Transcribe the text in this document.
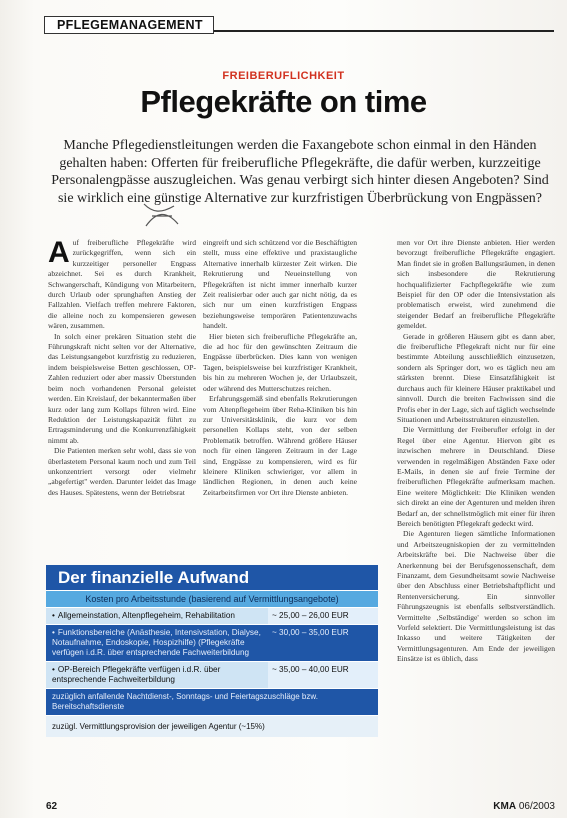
PFLEGEMANAGEMENT
FREIBERUFLICHKEIT
Pflegekräfte on time
Manche Pflegedienstleitungen werden die Faxangebote schon einmal in den Händen gehalten haben: Offerten für freiberufliche Pflegekräfte, die dafür werben, kurzzeitige Personalengpässe auszugleichen. Was genau verbirgt sich hinter diesen Angeboten? Sind sie wirklich eine günstige Alternative zur kurzfristigen Überbrückung von Engpässen?

Auf freiberufliche Pflegekräfte wird zurückgegriffen, wenn sich ein kurzzeitiger personeller Engpass abzeichnet. Sei es durch Krankheit, Schwangerschaft, Kündigung von Mitarbeitern, durch Urlaub oder sprunghaften Anstieg der Fallzahlen. Vielfach treffen mehrere Faktoren, die alleine noch zu kompensieren gewesen wären, zusammen.

In solch einer prekären Situation steht die Führungskraft nicht selten vor der Alternative, das Leistungsangebot kurzfristig zu reduzieren, indem beispielsweise Betten geschlossen, OP-Zahlen reduziert oder aber massiv Überstunden beim noch vorhandenen Personal geleistet werden. Ein Kreislauf, der bekanntermaßen über kurz oder lang zum Kollaps führen wird. Eine Reduktion der Leistungskapazität führt zu Ertragsminderung und die Konkurrenzfähigkeit nimmt ab.

Die Patienten merken sehr wohl, dass sie von überlastetem Personal kaum noch und zum Teil unkonzentriert versorgt oder vielmehr „abgefertigt" werden. Darunter leidet das Image des Hauses. Spätestens, wenn der Betriebsrat

eingreift und sich schützend vor die Beschäftigten stellt, muss eine effektive und praxistaugliche Alternative innerhalb kürzester Zeit wirken. Die Rekrutierung und Neueinstellung von Pflegekräften ist nicht immer innerhalb kurzer Zeit realisierbar oder auch gar nicht nötig, da es sich nur um einen kurzfristigen Engpass beziehungsweise temporären Patientenzuwachs handelt.

Hier bieten sich freiberufliche Pflegekräfte an, die ad hoc für den gewünschten Zeitraum die Engpässe überbrücken. Dies kann von wenigen Tagen, beispielsweise bei kurzfristiger Krankheit, bis hin zu mehreren Wochen je, der Urlaubszeit, oder während des Mutterschutzes reichen.

Erfahrungsgemäß sind ebenfalls Rekrutierungen vom Altenpflegeheim über Reha-Kliniken bis hin zur Universitätsklinik, die kurz vor dem personellen Kollaps steht, von der selben Problematik betroffen. Während größere Häuser noch für einen längeren Zeitraum in der Lage sind, Engpässe zu kompensieren, wird es für kleinere Kliniken schwieriger, vor allem in ländlichen Regionen, in denen auch keine Zeitarbeitsfirmen vor Ort ihre Dienste anbieten.

men vor Ort ihre Dienste anbieten. Hier werden bevorzugt freiberufliche Pflegekräfte engagiert. Man findet sie in großen Ballungsräumen, in denen sich insbesondere die Rekrutierung hochqualifizierter Fachpflegekräfte wie zum Beispiel für den OP oder die Intensivstation als problematisch erweist, wird zunehmend die steigender Bedarf an freiberufliche Pflegekräfte gemeldet.

Gerade in größeren Häusern gibt es dann aber, die freiberufliche Pflegekraft nicht nur für eine bestimmte Abteilung ausschließlich einzusetzen, sondern als Springer dort, wo es täglich neu am stärksten brennt. Diese Einsatzfähigkeit ist durchaus auch für kleinere Häuser praktikabel und sinnvoll. Durch die breiten Fachwissen sind die Profis eher in der Lage, sich auf täglich wechselnde Situationen und Arbeitsstrukturen einzustellen.

Die Vermittlung der Freiberufler erfolgt in der Regel über eine Agentur. Hiervon gibt es inzwischen mehrere in Deutschland. Diese verwenden in regelmäßigen Abständen Faxe oder E-Mails, in denen sie auf freie Termine der freiberuflichen Pflegekräfte aufmerksam machen. Eine weitere Möglichkeit: Die Kliniken wenden sich direkt an eine der Agenturen und melden ihren Bedarf an, der schnellstmöglich mit einer für ihren Bereich benötigten Pflegekraft gedeckt wird.

Die Agenturen liegen sämtliche Informationen und Arbeitszeugniskopien der zu vermittelnden Arbeitskräfte bei. Die Nachweise über die Anerkennung bei der Berufsgenossenschaft, dem Finanzamt, dem Gesundheitsamt sowie Nachweise über den Abschluss einer Betriebshaftpflicht und Rentenversicherung. Ein sinnvoller Führungszeugnis ist ebenfalls selbstverständlich. Vermittelte ‚Selbständige' werden so schon im Vorfeld selektiert. Die Vermittlungsleistung ist das Inkasso und weitere Tätigkeiten der Vermittlungsagenturen. Am Ende der jeweiligen Einsätze ist es üblich, dass

Der finanzielle Aufwand
Kosten pro Arbeitsstunde (basierend auf Vermittlungsangebote)
• Allgemeinstation, Altenpflegeheim, Rehabilitation	~ 25,00 – 26,00 EUR
• Funktionsbereiche (Anästhesie, Intensivstation, Dialyse, Notaufnahme, Endoskopie, Hospizhilfe) (Pflegekräfte verfügen i.d.R. über entsprechende Fachweiterbildung
~ 30,00 – 35,00 EUR
• OP-Bereich Pflegekräfte verfügen i.d.R. über entsprechende Fachweiterbildung
~ 35,00 – 40,00 EUR
zuzüglich anfallende Nachtdienst-, Sonntags- und Feiertagszuschläge bzw. Bereitschaftsdienste
zuzügl. Vermittlungsprovision der jeweiligen Agentur (~15%)
62	KMA 06/2003
